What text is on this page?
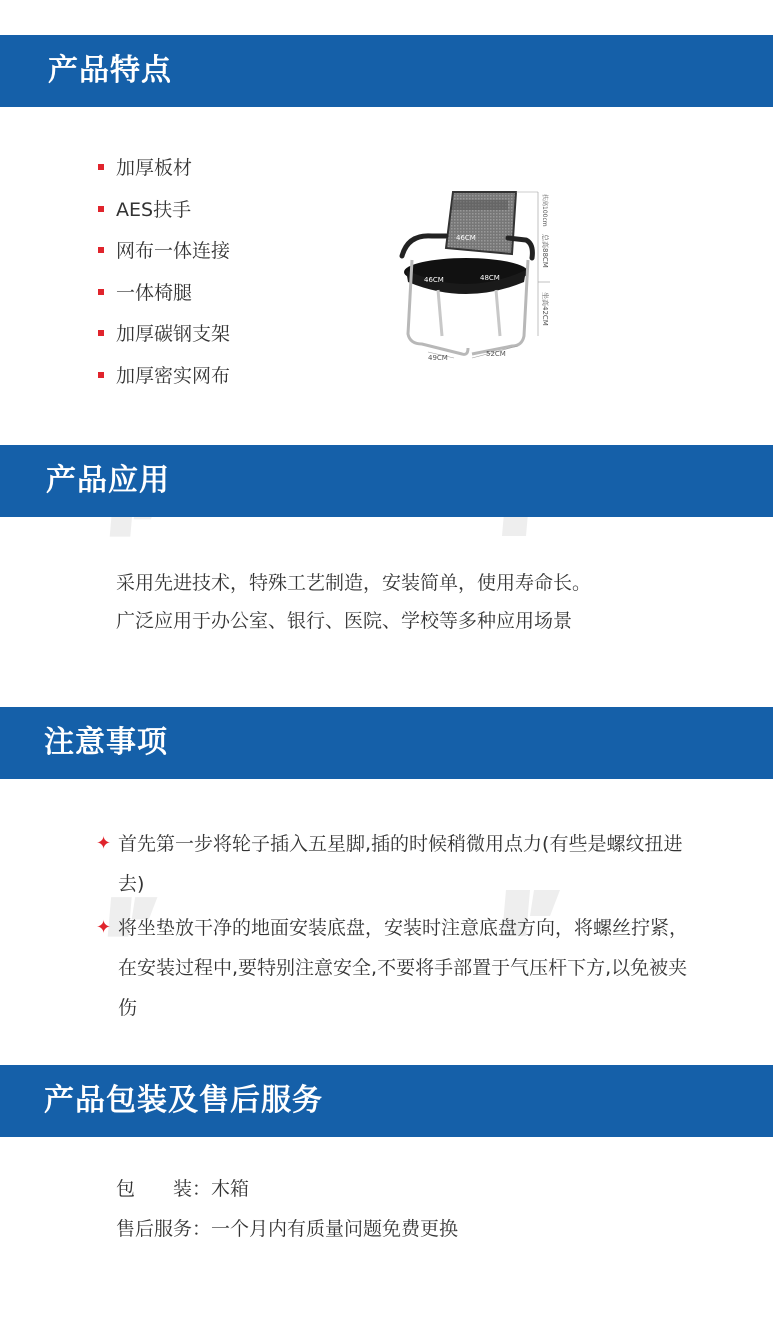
产品特点
加厚板材
AES扶手
网布一体连接
一体椅腿
加厚碳钢支架
加厚密实网布
46CM
46CM	48CM
49CM	52CM
总高88CM
坐高42CM
扶高100cm
产品应用
采用先进技术，特殊工艺制造，安装简单，使用寿命长。
广泛应用于办公室、银行、医院、学校等多种应用场景
注意事项
✦ 首先第一步将轮子插入五星脚,插的时候稍微用点力(有些是螺纹扭进去)
✦ 将坐垫放干净的地面安装底盘，安装时注意底盘方向，将螺丝拧紧，在安装过程中,要特别注意安全,不要将手部置于气压杆下方,以免被夹伤
产品包装及售后服务
包　　装：木箱
售后服务：一个月内有质量问题免费更换
